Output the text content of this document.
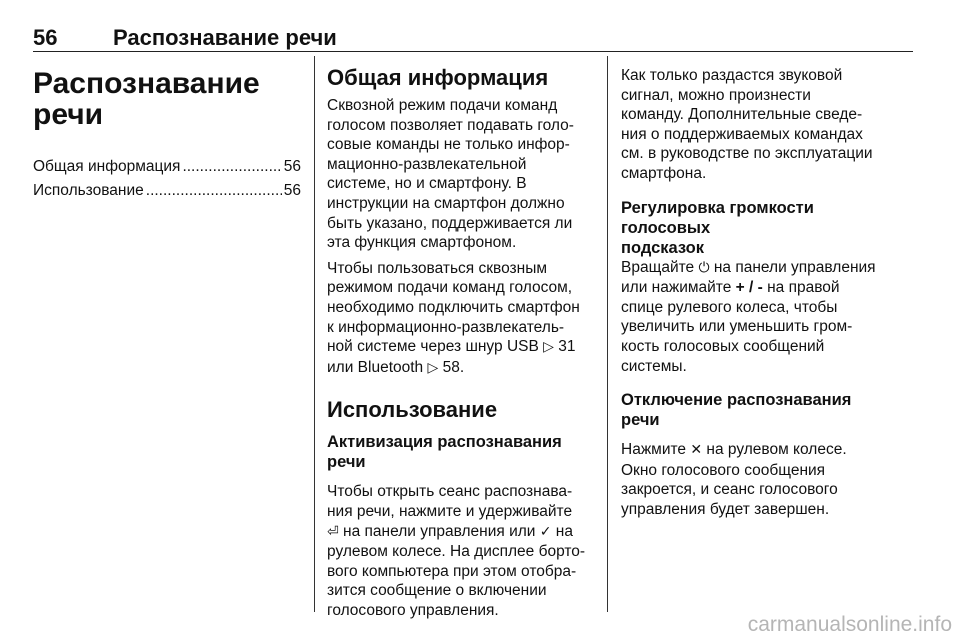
56	Распознавание речи
Распознавание
речи
Общая информация .....	56
Использование .....	56
Общая информация
Сквозной режим подачи команд
голосом позволяет подавать голо-
совые команды не только инфор-
мационно-развлекательной
системе, но и смартфону. В
инструкции на смартфон должно
быть указано, поддерживается ли
эта функция смартфоном.
Чтобы пользоваться сквозным
режимом подачи команд голосом,
необходимо подключить смартфон
к информационно-развлекатель-
ной системе через шнур USB ▷ 31
или Bluetooth ▷ 58.
Использование
Активизация распознавания
речи
Чтобы открыть сеанс распознава-
ния речи, нажмите и удерживайте
⏎ на панели управления или ✓ на
рулевом колесе. На дисплее борто-
вого компьютера при этом отобра-
зится сообщение о включении
голосового управления.
Как только раздастся звуковой
сигнал, можно произнести
команду. Дополнительные сведе-
ния о поддерживаемых командах
см. в руководстве по эксплуатации
смартфона.
Регулировка громкости голосовых
подсказок
Вращайте ⏻ на панели управления
или нажимайте + / - на правой
спице рулевого колеса, чтобы
увеличить или уменьшить гром-
кость голосовых сообщений
системы.
Отключение распознавания
речи
Нажмите ✕ на рулевом колесе.
Окно голосового сообщения
закроется, и сеанс голосового
управления будет завершен.
carmanualsonline.info
